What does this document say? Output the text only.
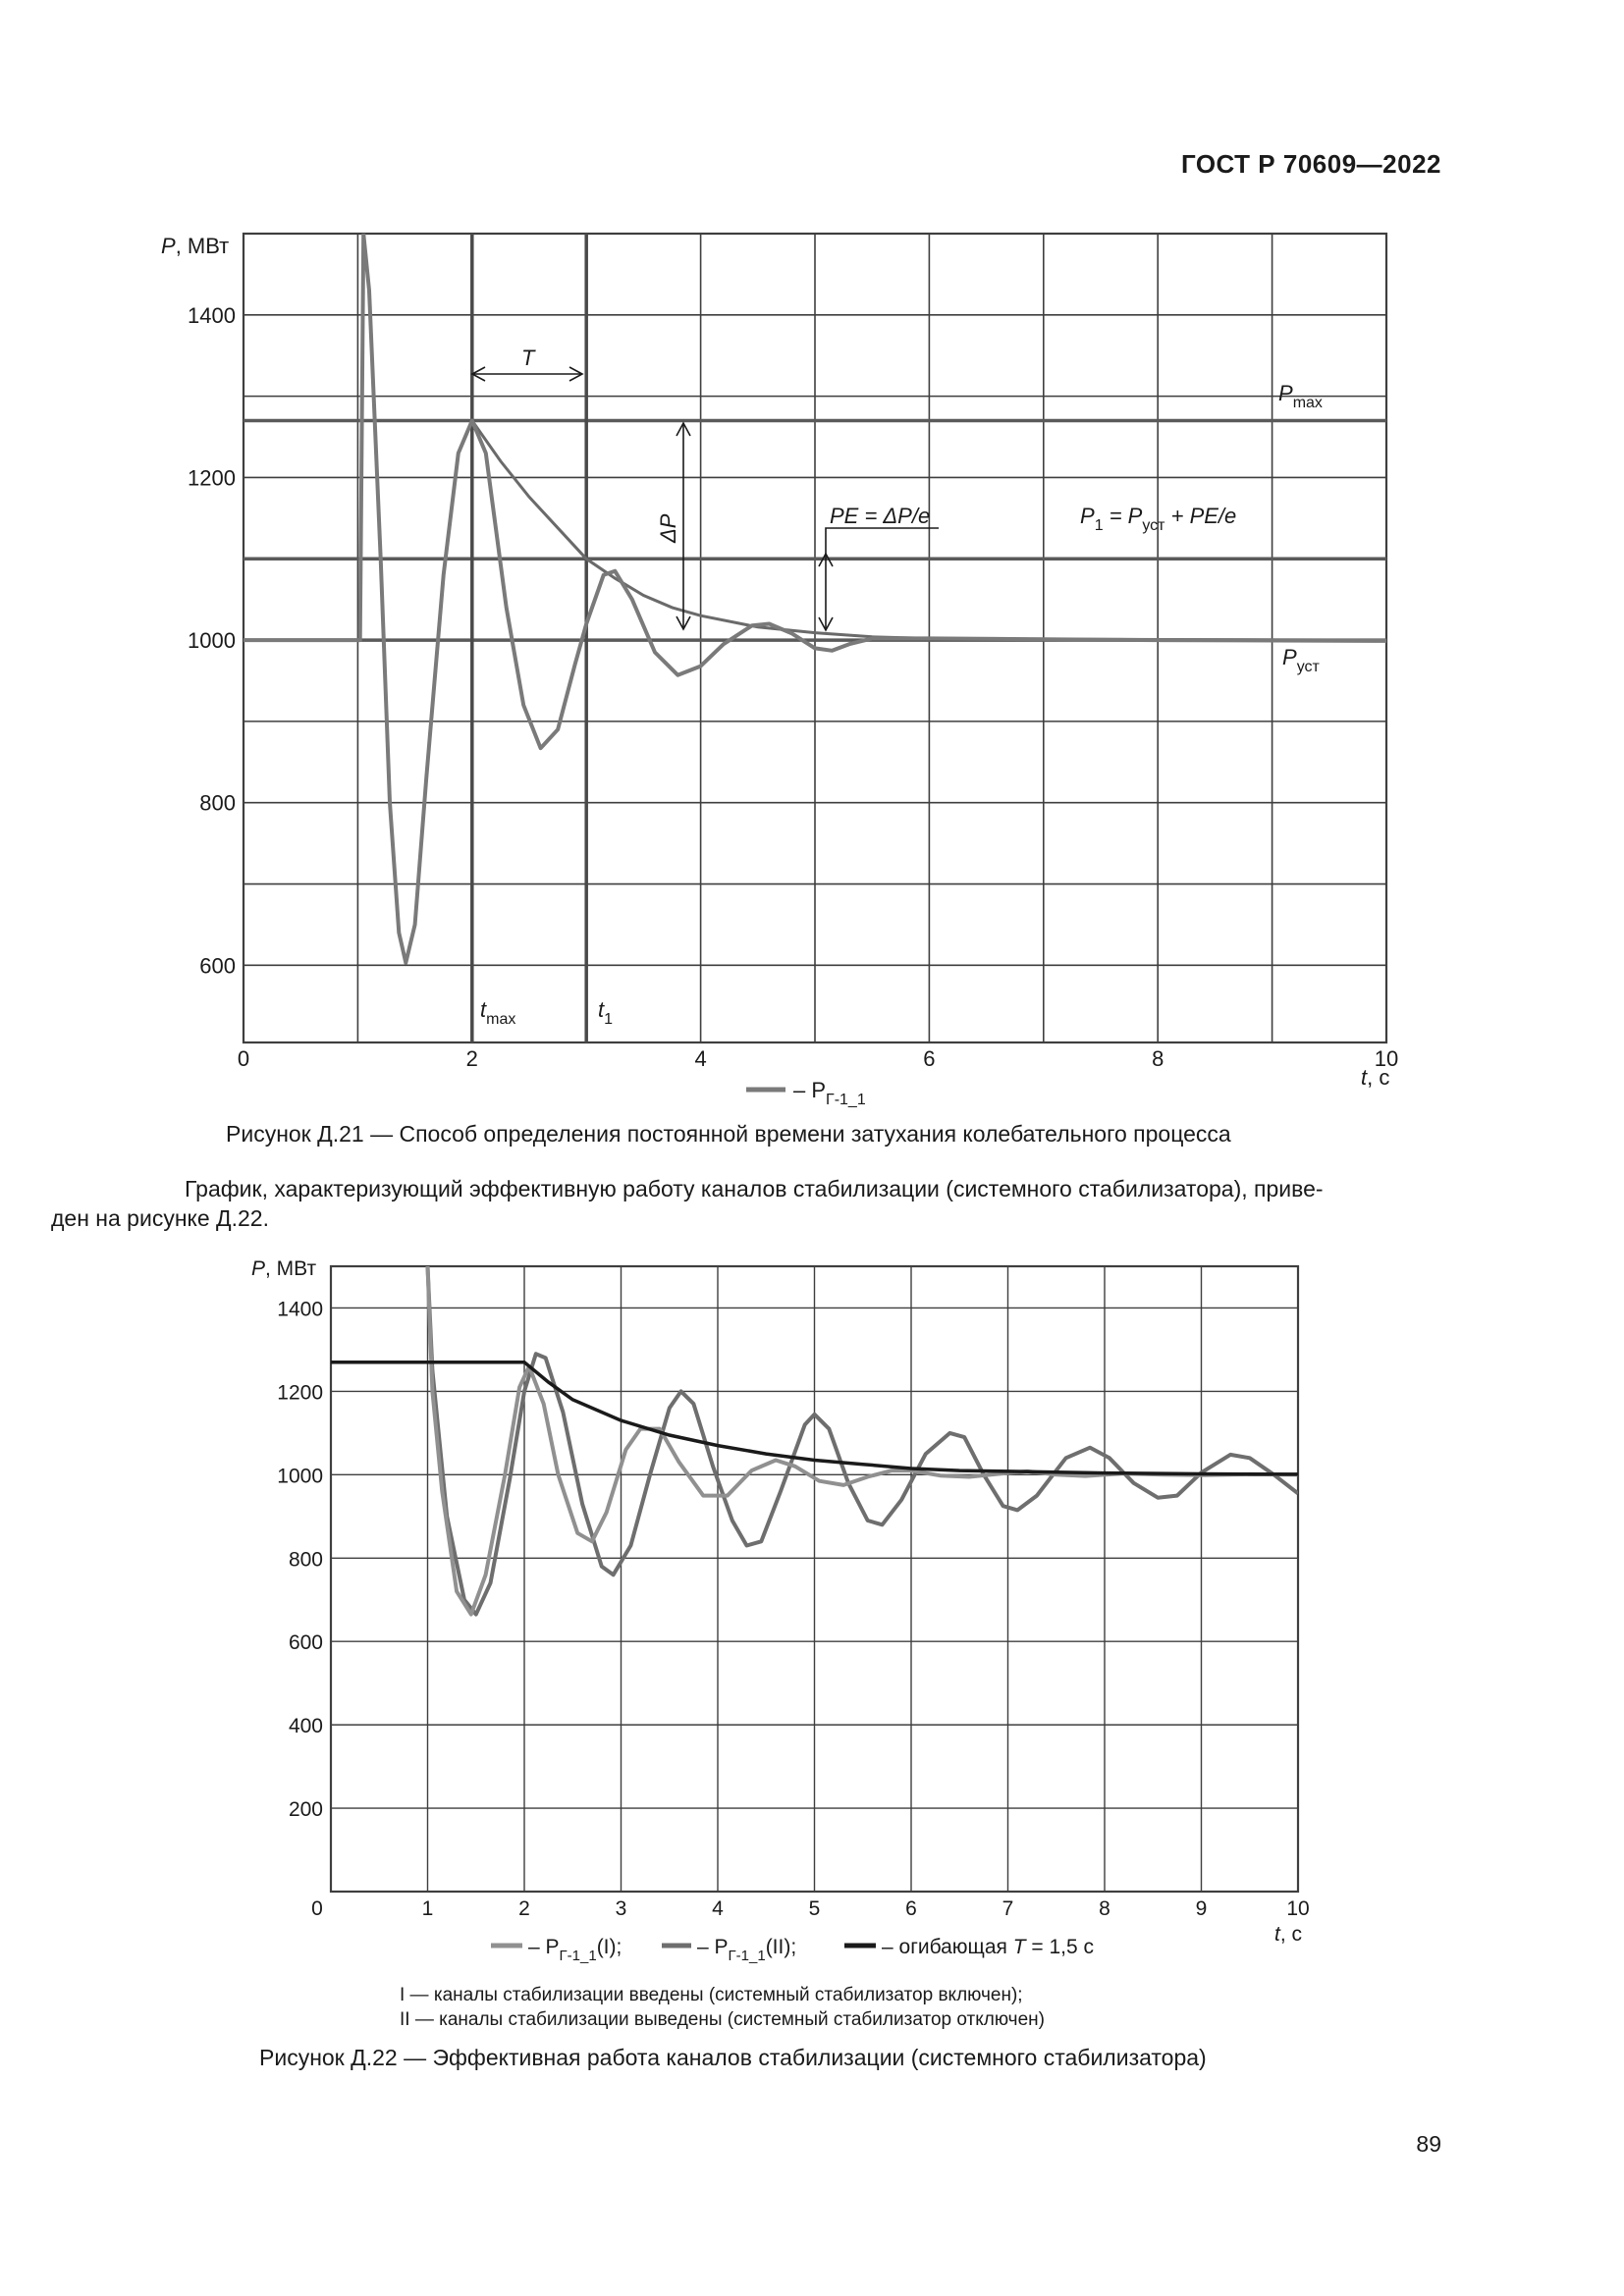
ГОСТ Р 70609—2022
0	2	4	6	8	10
600
800
1000
1200
1400
P, МВт
t, с
T
ΔP	PE = ΔP/e	$P_1 = P_{уст} + PE/e$
$P_{max}$
$P_{уст}$
$t_{max}$	$t_1$
– $P_{Г-1\_1}$
Рисунок Д.21 — Способ определения постоянной времени затухания колебательного процесса
График, характеризующий эффективную работу каналов стабилизации (системного стабилизатора), приве-
ден на рисунке Д.22.
0	1	2	3	4	5	6	7	8	9	10
200
400
600
800
1000
1200
1400
P, МВт
t, с
– $P_{Г-1\_1}(I)$;	– $P_{Г-1\_1}(II)$;	– огибающая T = 1,5 с
I — каналы стабилизации введены (системный стабилизатор включен);
II — каналы стабилизации выведены (системный стабилизатор отключен)
Рисунок Д.22 — Эффективная работа каналов стабилизации (системного стабилизатора)
89
